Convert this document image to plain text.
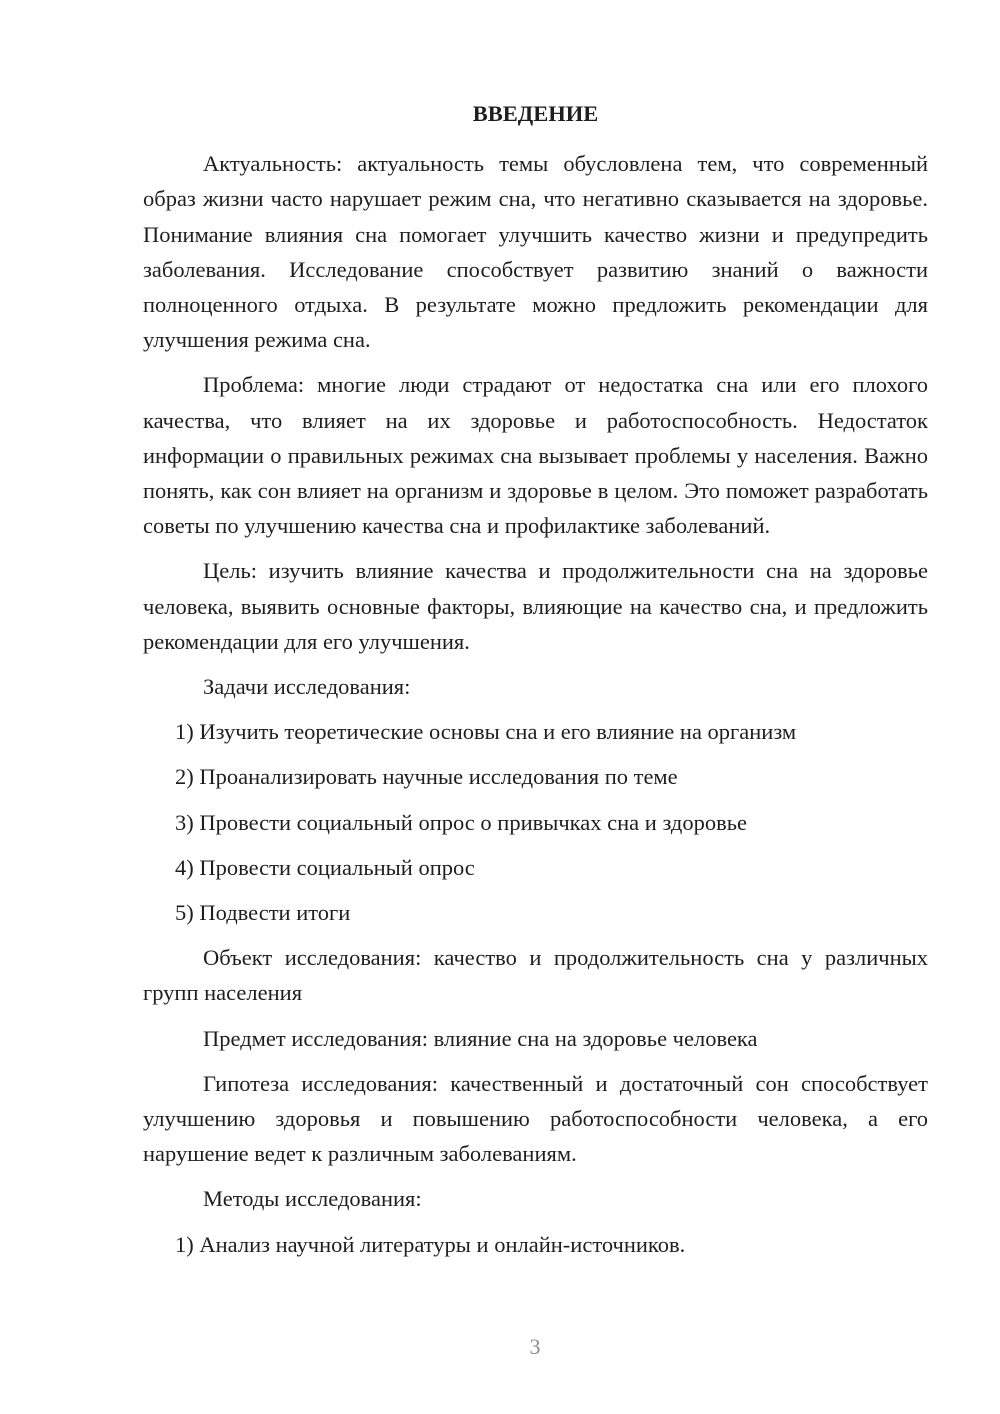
ВВЕДЕНИЕ

Актуальность: актуальность темы обусловлена тем, что современный образ жизни часто нарушает режим сна, что негативно сказывается на здоровье. Понимание влияния сна помогает улучшить качество жизни и предупредить заболевания. Исследование способствует развитию знаний о важности полноценного отдыха. В результате можно предложить рекомендации для улучшения режима сна.

Проблема: многие люди страдают от недостатка сна или его плохого качества, что влияет на их здоровье и работоспособность. Недостаток информации о правильных режимах сна вызывает проблемы у населения. Важно понять, как сон влияет на организм и здоровье в целом. Это поможет разработать советы по улучшению качества сна и профилактике заболеваний.

Цель: изучить влияние качества и продолжительности сна на здоровье человека, выявить основные факторы, влияющие на качество сна, и предложить рекомендации для его улучшения.

Задачи исследования:
1) Изучить теоретические основы сна и его влияние на организм
2) Проанализировать научные исследования по теме
3) Провести социальный опрос о привычках сна и здоровье
4) Провести социальный опрос
5) Подвести итоги

Объект исследования: качество и продолжительность сна у различных групп населения

Предмет исследования: влияние сна на здоровье человека

Гипотеза исследования: качественный и достаточный сон способствует улучшению здоровья и повышению работоспособности человека, а его нарушение ведет к различным заболеваниям.

Методы исследования:
1) Анализ научной литературы и онлайн-источников.
3
